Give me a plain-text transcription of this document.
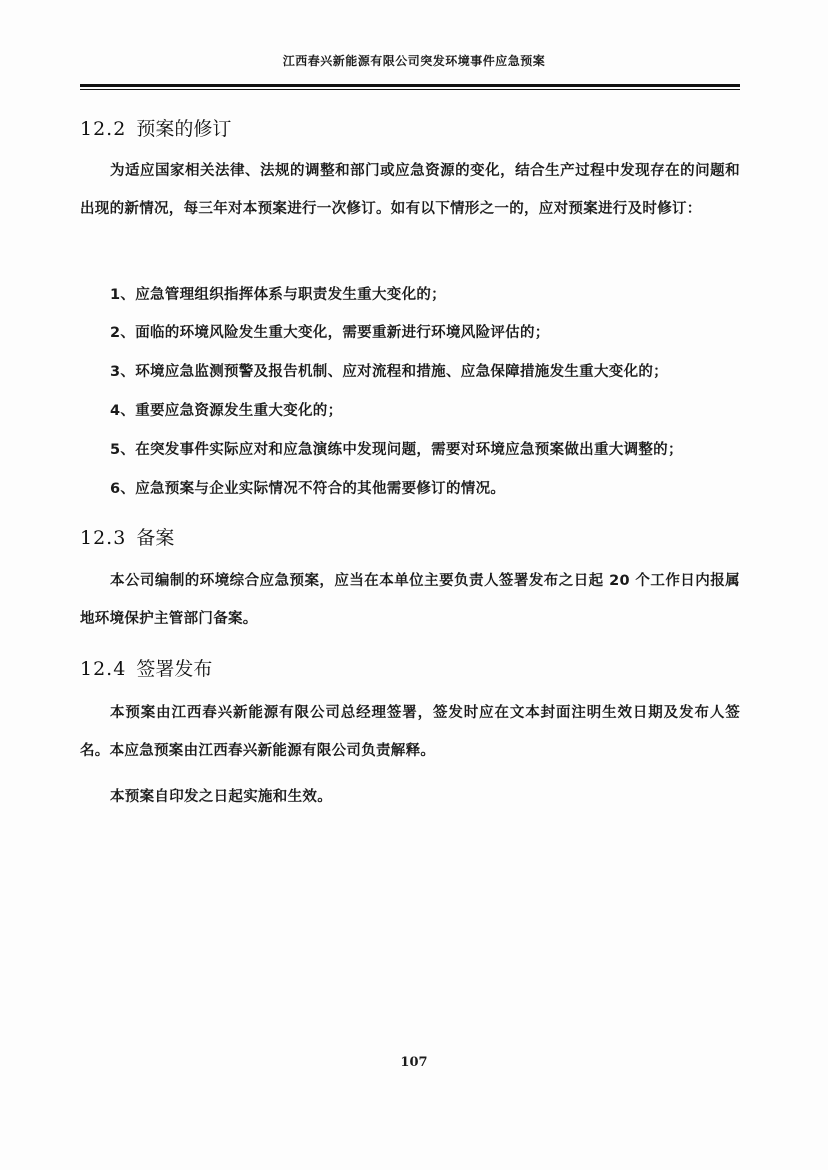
江西春兴新能源有限公司突发环境事件应急预案
12.2 预案的修订
为适应国家相关法律、法规的调整和部门或应急资源的变化，结合生产过程中发现存在的问题和出现的新情况，每三年对本预案进行一次修订。如有以下情形之一的，应对预案进行及时修订：
1、应急管理组织指挥体系与职责发生重大变化的；
2、面临的环境风险发生重大变化，需要重新进行环境风险评估的；
3、环境应急监测预警及报告机制、应对流程和措施、应急保障措施发生重大变化的；
4、重要应急资源发生重大变化的；
5、在突发事件实际应对和应急演练中发现问题，需要对环境应急预案做出重大调整的；
6、应急预案与企业实际情况不符合的其他需要修订的情况。
12.3 备案
本公司编制的环境综合应急预案，应当在本单位主要负责人签署发布之日起 20 个工作日内报属地环境保护主管部门备案。
12.4 签署发布
本预案由江西春兴新能源有限公司总经理签署，签发时应在文本封面注明生效日期及发布人签名。本应急预案由江西春兴新能源有限公司负责解释。
本预案自印发之日起实施和生效。
107
